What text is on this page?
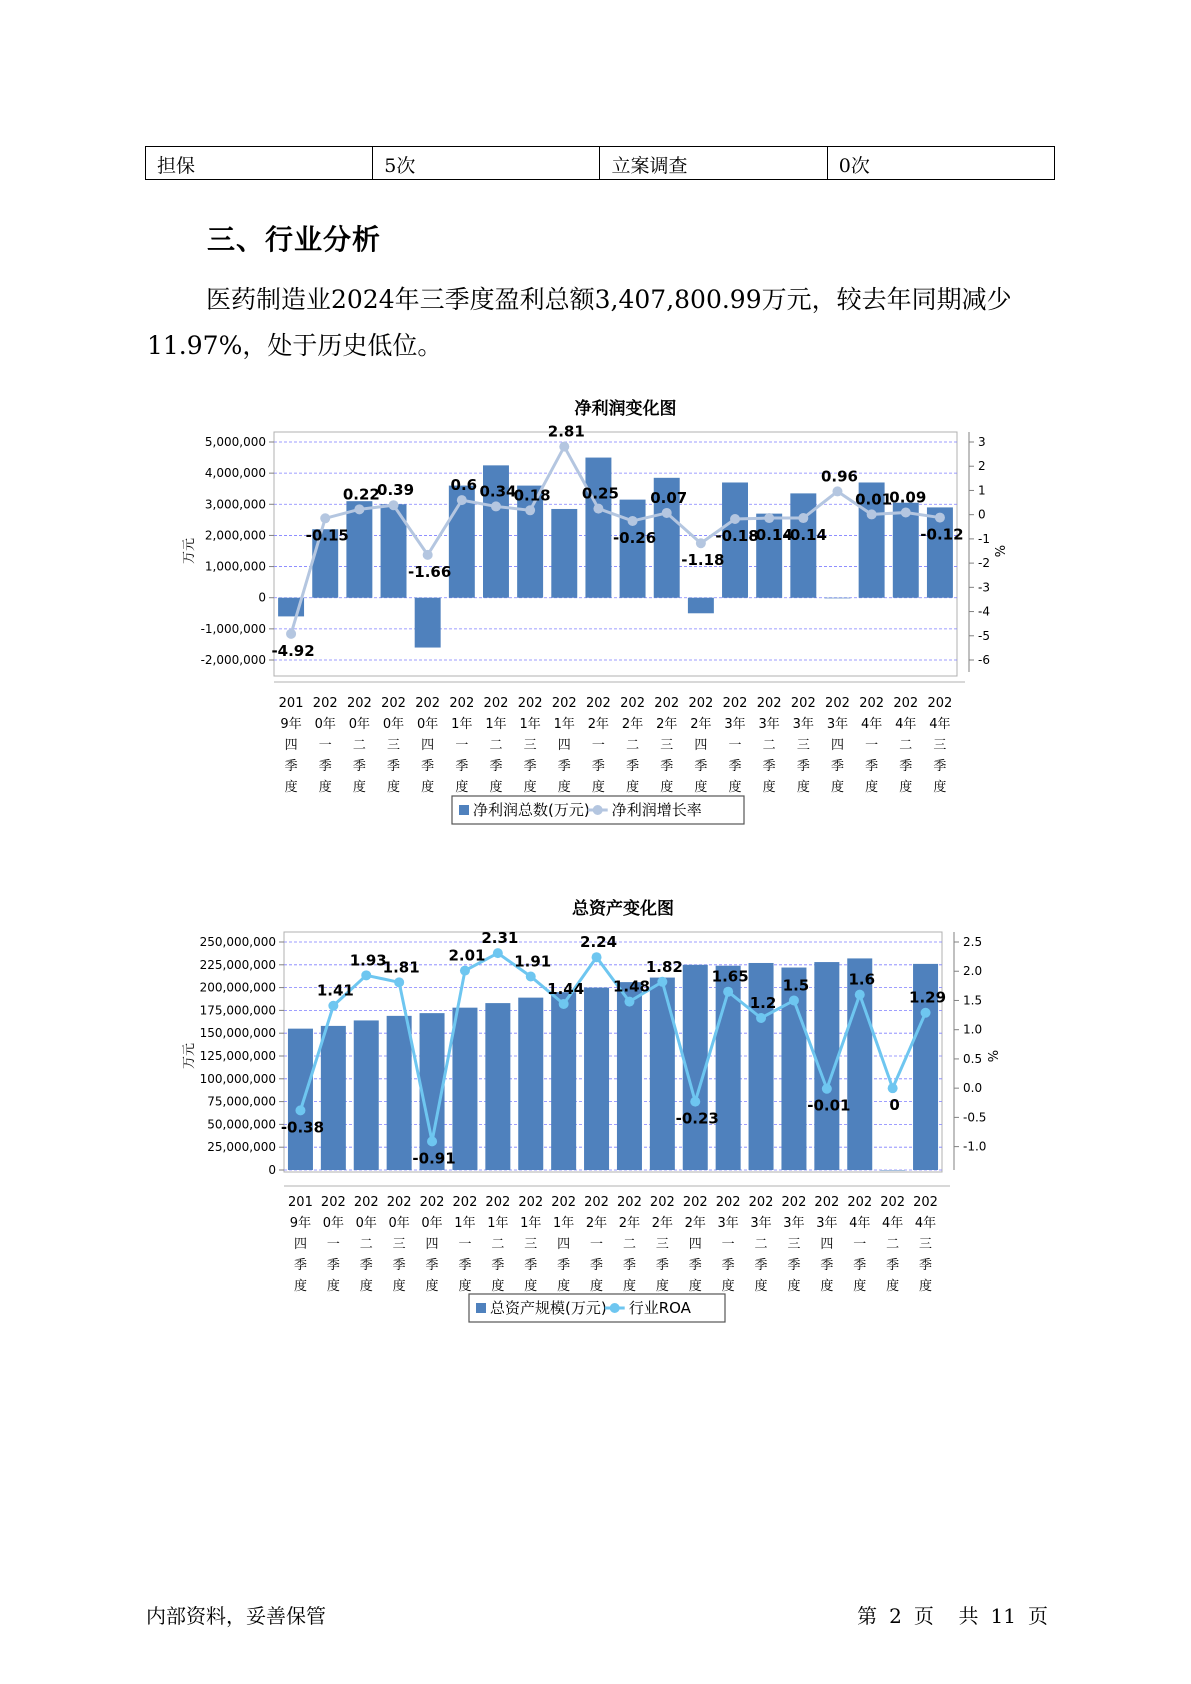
担保	5次	立案调查	0次
三、行业分析

医药制造业2024年三季度盈利总额3,407,800.99万元，较去年同期减少11.97%，处于历史低位。

净利润变化图
5,000,000
4,000,000
3,000,000
2,000,000
1,000,000
0
-1,000,000
-2,000,000
3
2
1
0
-1
-2
-3
-4
-5
-6
万元	%
-4.92
-0.15
0.22
0.39
-1.66
0.6 0.34
0.18
2.81
0.25
-0.26
0.07
-1.18
-0.18
-0.14
-0.14
0.96
0.01
0.09
-0.12
201
9年
四
季
度
202
0年
一
季
度
202
0年
二
季
度
202
0年
三
季
度
202
0年
四
季
度
202
1年
一
季
度
202
1年
二
季
度
202
1年
三
季
度
202
1年
四
季
度
202
2年
一
季
度
202
2年
二
季
度
202
2年
三
季
度
202
2年
四
季
度
202
3年
一
季
度
202
3年
二
季
度
202
3年
三
季
度
202
3年
四
季
度
202
4年
一
季
度
202
4年
二
季
度
202
4年
三
季
度
净利润总数(万元) 净利润增长率
总资产变化图
250,000,000
225,000,000
200,000,000
175,000,000
150,000,000
125,000,000
100,000,000
75,000,000
50,000,000
25,000,000
0
2.5
2.0
1.5
1.0
0.5
0.0
-0.5
-1.0
万元	%
-0.38
1.41
1.93
1.81
-0.91
2.01
2.31
1.91
1.44
2.24
1.48
1.82
-0.23
1.65
1.2
1.5
-0.01
1.6
0
1.29
201
9年
四
季
度
202
0年
一
季
度
202
0年
二
季
度
202
0年
三
季
度
202
0年
四
季
度
202
1年
一
季
度
202
1年
二
季
度
202
1年
三
季
度
202
1年
四
季
度
202
2年
一
季
度
202
2年
二
季
度
202
2年
三
季
度
202
2年
四
季
度
202
3年
一
季
度
202
3年
二
季
度
202
3年
三
季
度
202
3年
四
季
度
202
4年
一
季
度
202
4年
二
季
度
202
4年
三
季
度
总资产规模(万元) 行业ROA
内部资料，妥善保管	第 2 页 共 11 页
